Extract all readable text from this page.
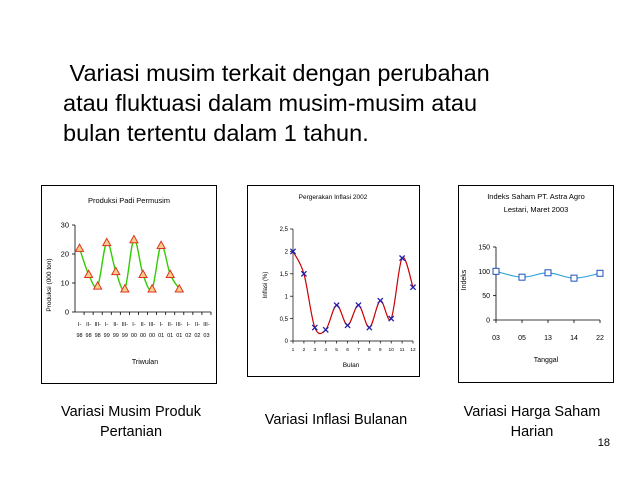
Variasi musim terkait dengan perubahan
atau fluktuasi dalam musim-musim atau
bulan tertentu dalam 1 tahun.
Produksi Padi Permusim
Produksi (000 ton)
Triwulan
0
10
20
30
I-
98
II-
98
III-
98
I-
99
II-
99
III-
99
I-
00
II-
00
III-
00
I-
01
II-
01
III-
01
I-
02
II-
02
III-
03
Pergerakan Inflasi 2002
Inflasi (%)
Bulan
0
0,5
1
1,5
2
2,5
1 2 3 4 5 6 7 8 9 10 11 12
Indeks Saham PT. Astra Agro Lestari, Maret 2003
Indeks
Tanggal
0
50
100
150
03	05	13	14	22
Variasi Musim Produk Pertanian
Variasi Inflasi Bulanan	Variasi Harga Saham Harian
18
